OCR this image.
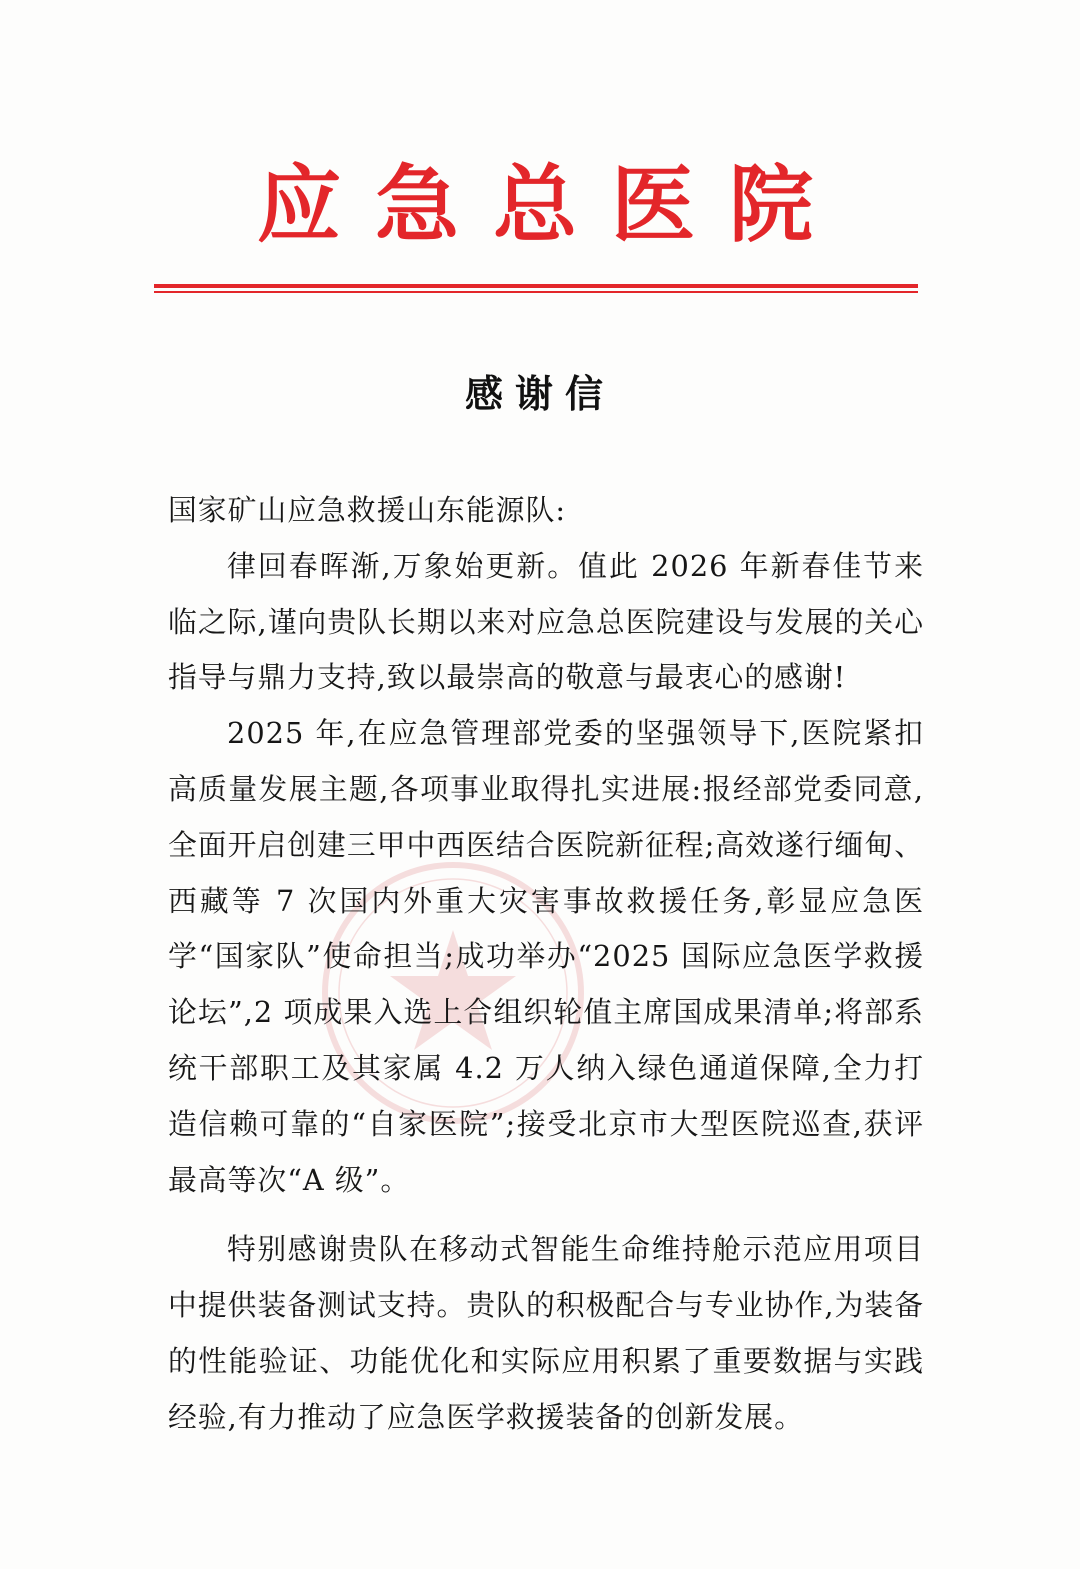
应急总医院
感谢信

国家矿山应急救援山东能源队:

律回春晖渐,万象始更新。值此 2026 年新春佳节来临之际,谨向贵队长期以来对应急总医院建设与发展的关心指导与鼎力支持,致以最崇高的敬意与最衷心的感谢!

2025 年,在应急管理部党委的坚强领导下,医院紧扣高质量发展主题,各项事业取得扎实进展:报经部党委同意,全面开启创建三甲中西医结合医院新征程;高效遂行缅甸、西藏等 7 次国内外重大灾害事故救援任务,彰显应急医学“国家队”使命担当;成功举办“2025 国际应急医学救援论坛”,2 项成果入选上合组织轮值主席国成果清单;将部系统干部职工及其家属 4.2 万人纳入绿色通道保障,全力打造信赖可靠的“自家医院”;接受北京市大型医院巡查,获评最高等次“A 级”。

特别感谢贵队在移动式智能生命维持舱示范应用项目中提供装备测试支持。贵队的积极配合与专业协作,为装备的性能验证、功能优化和实际应用积累了重要数据与实践经验,有力推动了应急医学救援装备的创新发展。
